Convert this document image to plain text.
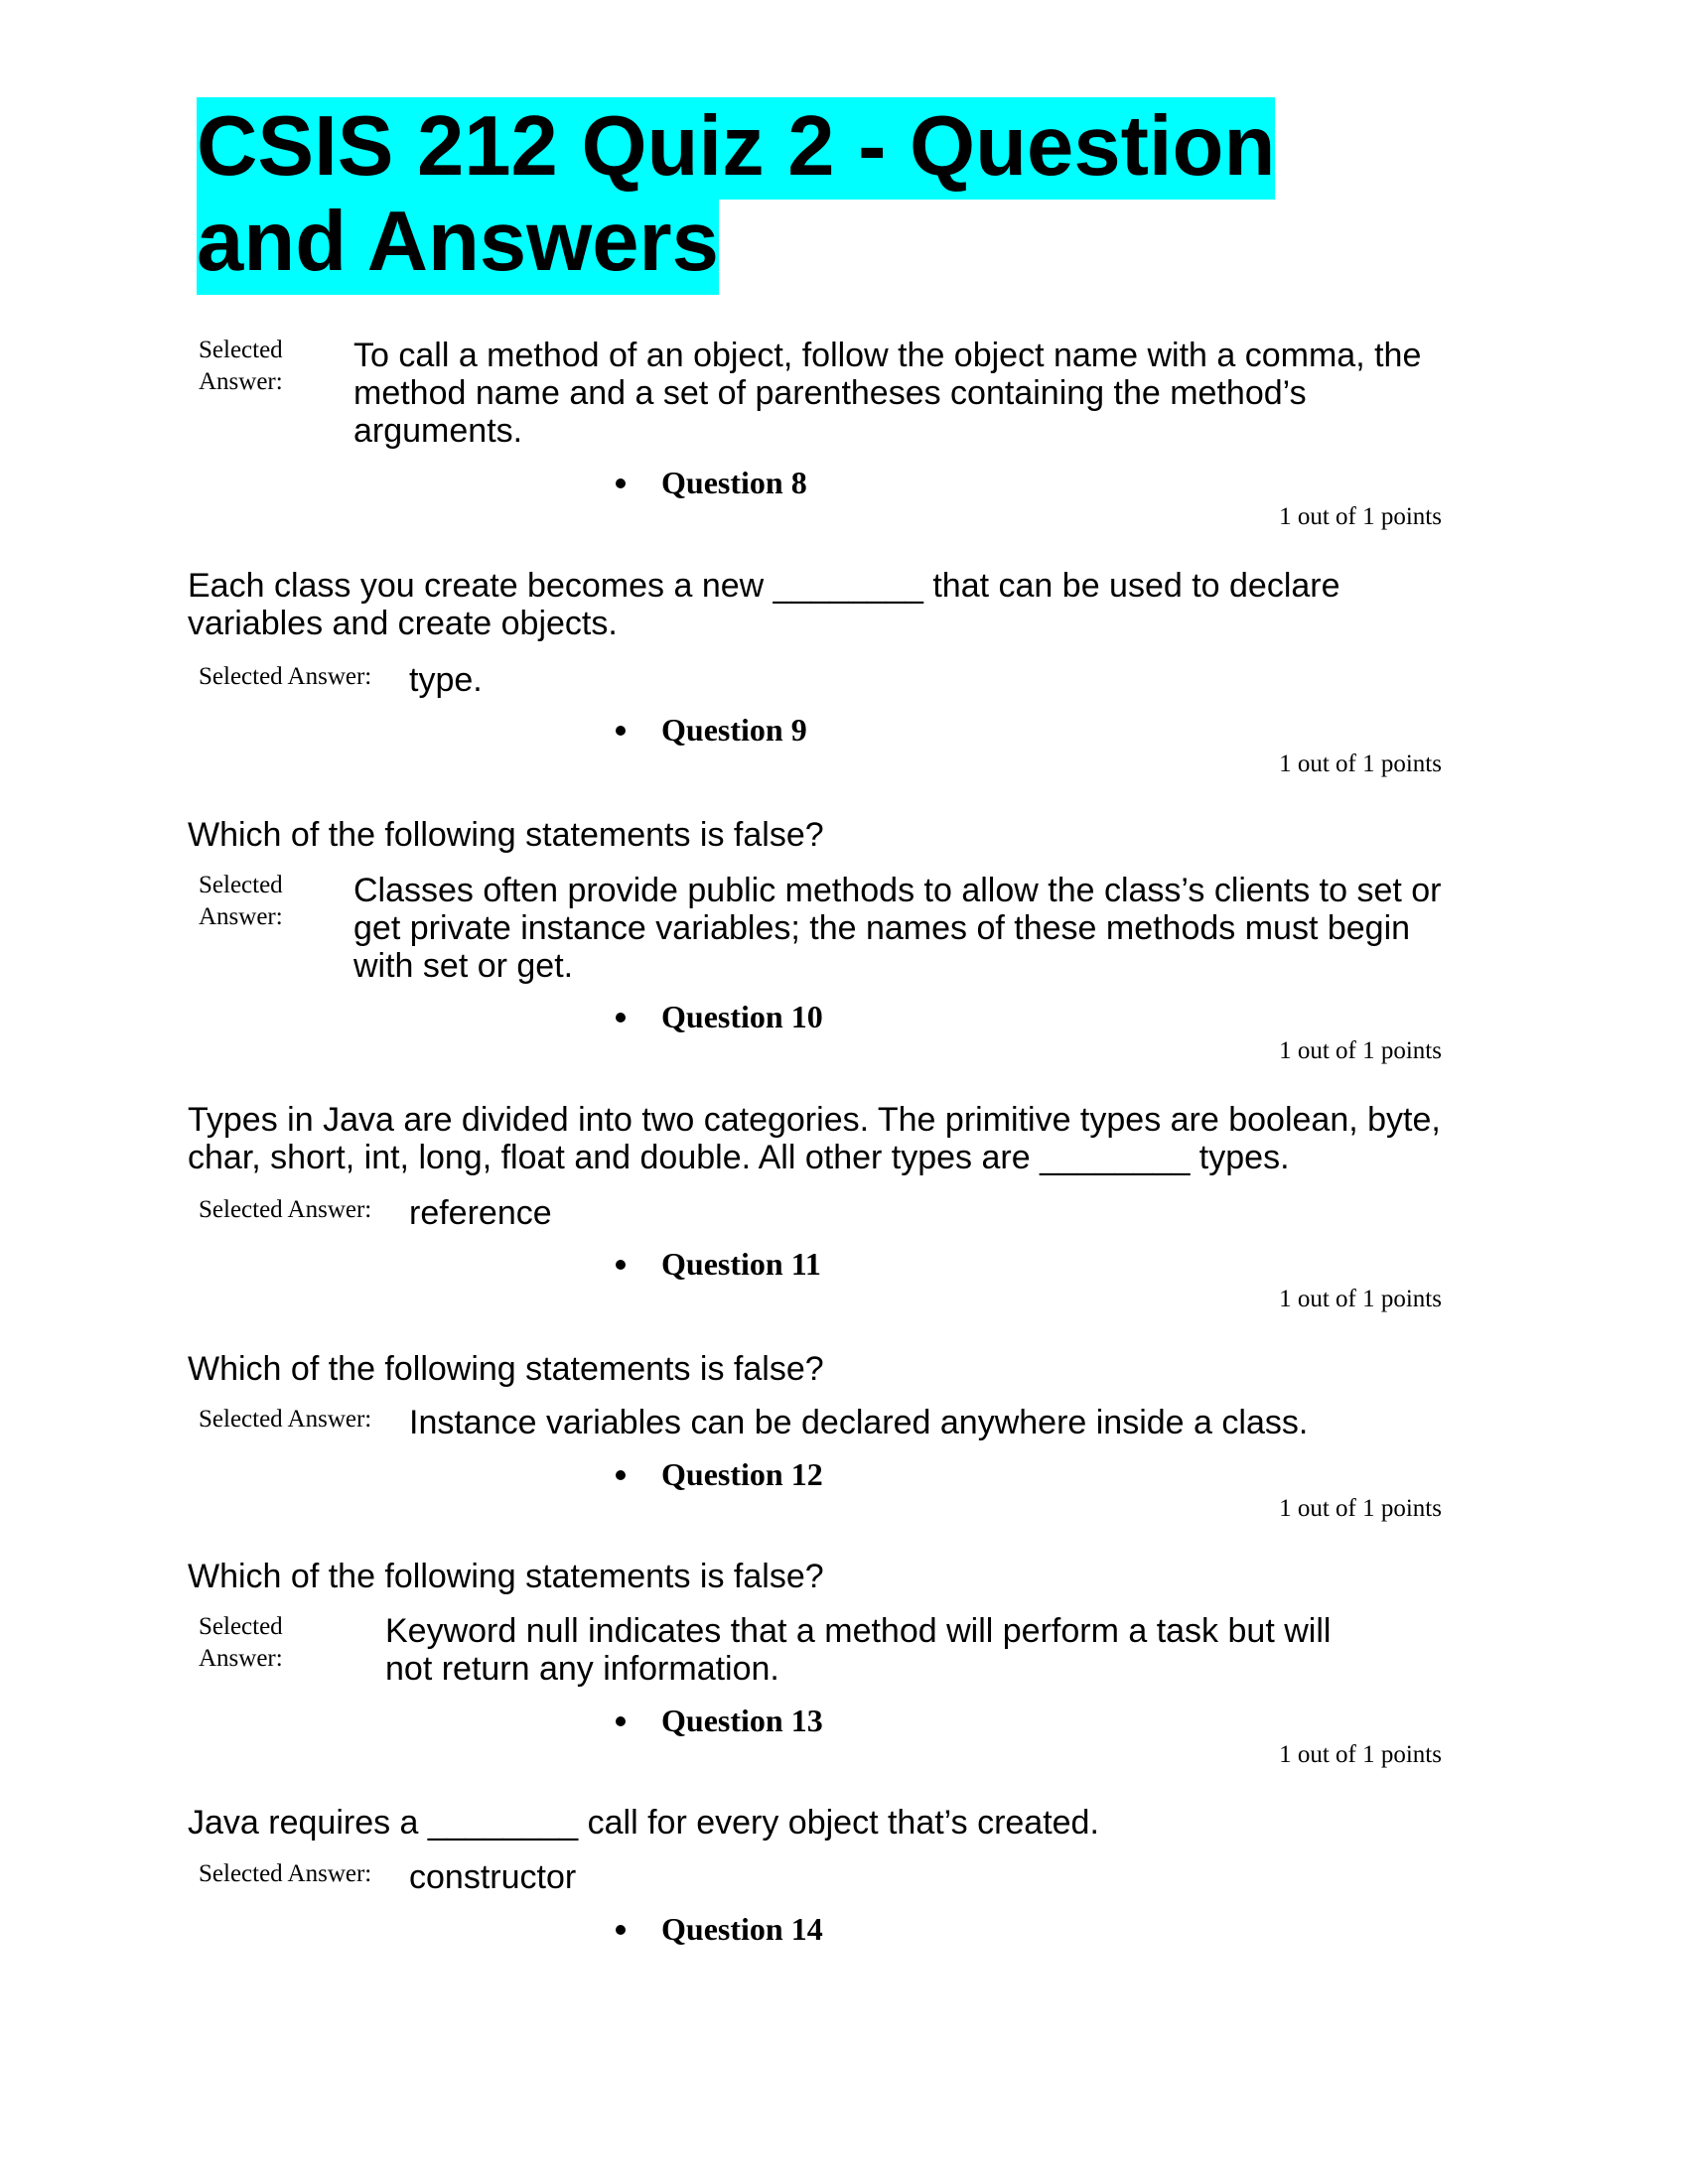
CSIS 212 Quiz 2 - Question and Answers
Selected
Answer:
To call a method of an object, follow the object name with a comma, the method name and a set of parentheses containing the method’s arguments.
Question 8
1 out of 1 points
Each class you create becomes a new ________ that can be used to declare variables and create objects.
Selected Answer: type.
Question 9
1 out of 1 points
Which of the following statements is false?
Selected
Answer:
Classes often provide public methods to allow the class’s clients to set or get private instance variables; the names of these methods must begin with set or get.
Question 10
1 out of 1 points
Types in Java are divided into two categories. The primitive types are boolean, byte, char, short, int, long, float and double. All other types are ________ types.
Selected Answer: reference
Question 11
1 out of 1 points
Which of the following statements is false?
Selected Answer: Instance variables can be declared anywhere inside a class.
Question 12
1 out of 1 points
Which of the following statements is false?
Selected
Answer:
Keyword null indicates that a method will perform a task but will not return any information.
Question 13
1 out of 1 points
Java requires a ________ call for every object that’s created.
Selected Answer: constructor
Question 14
